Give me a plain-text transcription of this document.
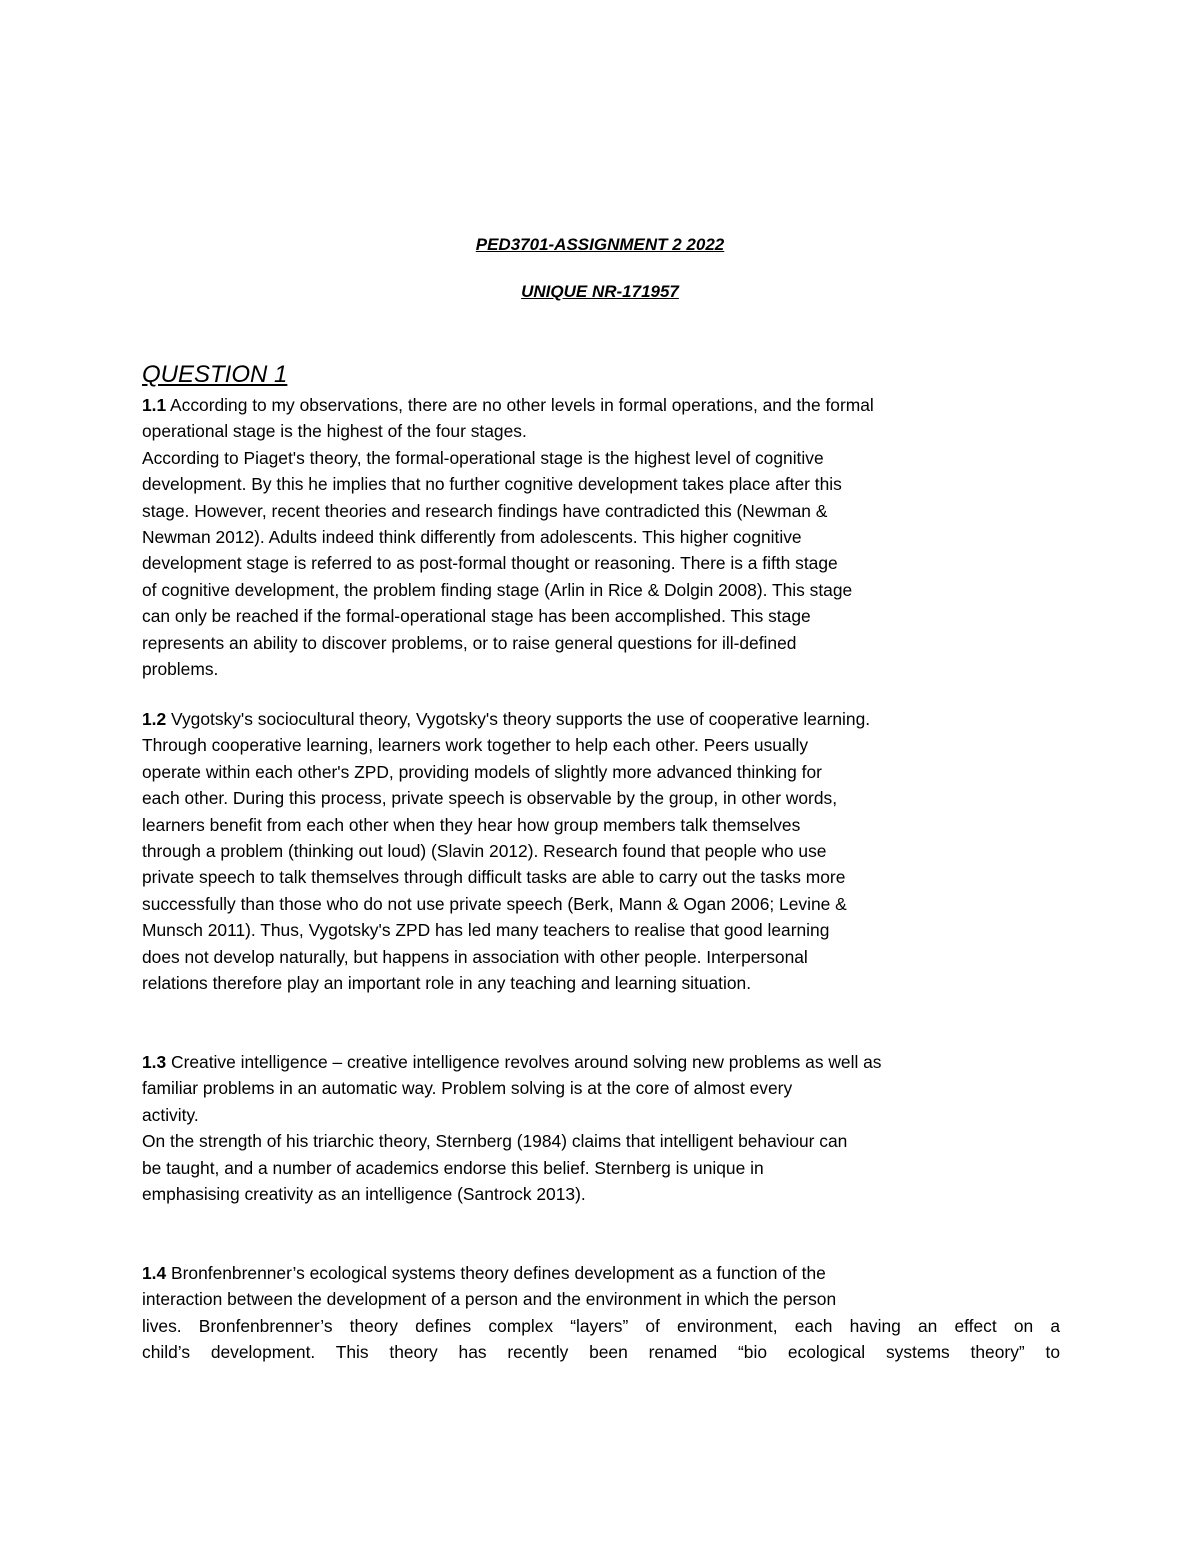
PED3701-ASSIGNMENT 2 2022
UNIQUE NR-171957
QUESTION 1
1.1 According to my observations, there are no other levels in formal operations, and the formal
operational stage is the highest of the four stages.
According to Piaget's theory, the formal-operational stage is the highest level of cognitive
development. By this he implies that no further cognitive development takes place after this
stage. However, recent theories and research findings have contradicted this (Newman &
Newman 2012). Adults indeed think differently from adolescents. This higher cognitive
development stage is referred to as post-formal thought or reasoning. There is a fifth stage
of cognitive development, the problem finding stage (Arlin in Rice & Dolgin 2008). This stage
can only be reached if the formal-operational stage has been accomplished. This stage
represents an ability to discover problems, or to raise general questions for ill-defined
problems.
1.2 Vygotsky's sociocultural theory, Vygotsky's theory supports the use of cooperative learning.
Through cooperative learning, learners work together to help each other. Peers usually
operate within each other's ZPD, providing models of slightly more advanced thinking for
each other. During this process, private speech is observable by the group, in other words,
learners benefit from each other when they hear how group members talk themselves
through a problem (thinking out loud) (Slavin 2012). Research found that people who use
private speech to talk themselves through difficult tasks are able to carry out the tasks more
successfully than those who do not use private speech (Berk, Mann & Ogan 2006; Levine &
Munsch 2011). Thus, Vygotsky's ZPD has led many teachers to realise that good learning
does not develop naturally, but happens in association with other people. Interpersonal
relations therefore play an important role in any teaching and learning situation.
1.3 Creative intelligence – creative intelligence revolves around solving new problems as well as
familiar problems in an automatic way. Problem solving is at the core of almost every
activity.
On the strength of his triarchic theory, Sternberg (1984) claims that intelligent behaviour can
be taught, and a number of academics endorse this belief. Sternberg is unique in
emphasising creativity as an intelligence (Santrock 2013).
1.4 Bronfenbrenner’s ecological systems theory defines development as a function of the
interaction between the development of a person and the environment in which the person
lives. Bronfenbrenner’s theory defines complex “layers” of environment, each having an effect on a
child’s development. This theory has recently been renamed “bio ecological systems theory” to
